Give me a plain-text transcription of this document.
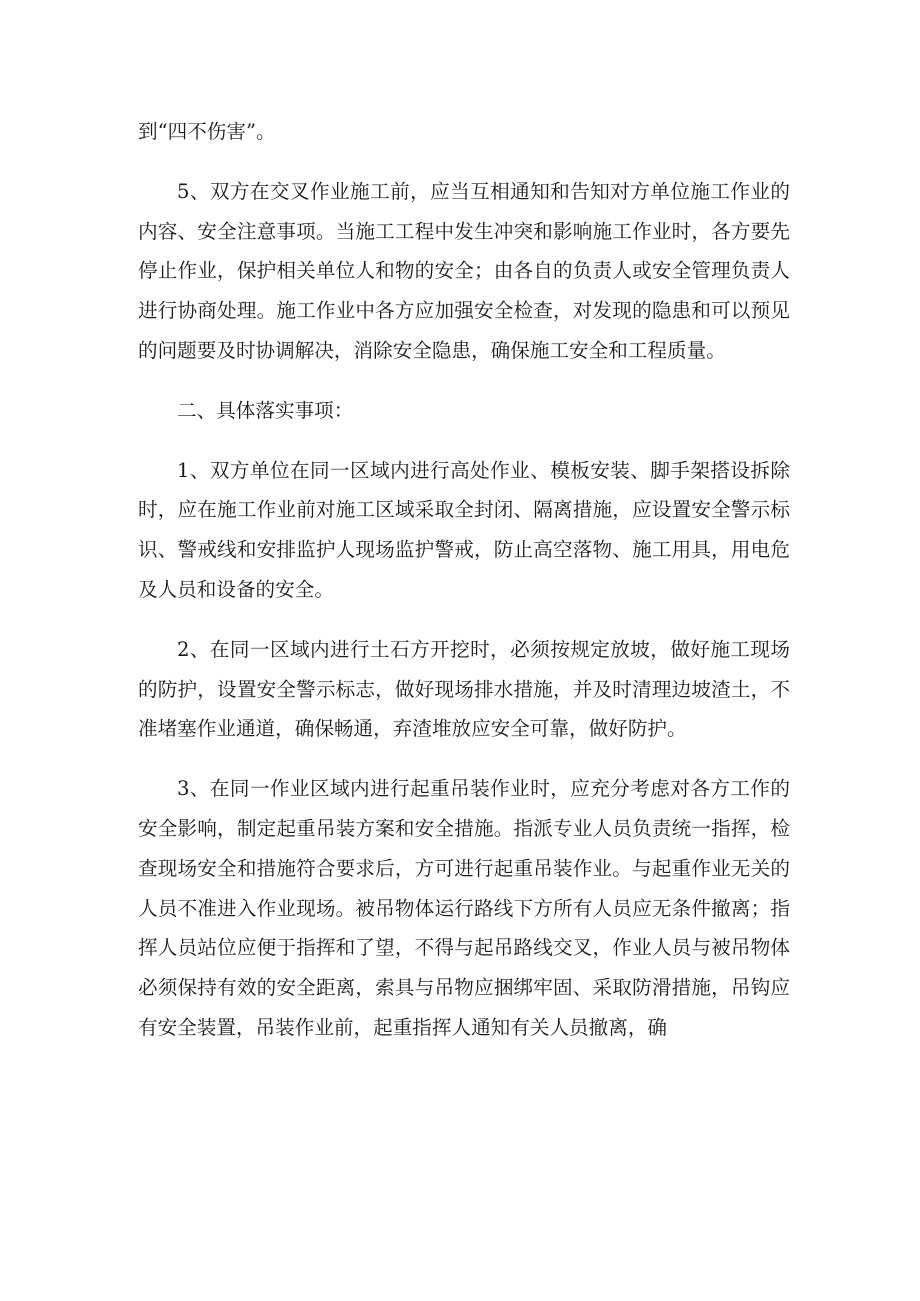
到“四不伤害”。

5、双方在交叉作业施工前，应当互相通知和告知对方单位施工作业的内容、安全注意事项。当施工工程中发生冲突和影响施工作业时，各方要先停止作业，保护相关单位人和物的安全；由各自的负责人或安全管理负责人进行协商处理。施工作业中各方应加强安全检查，对发现的隐患和可以预见的问题要及时协调解决，消除安全隐患，确保施工安全和工程质量。

二、具体落实事项：

1、双方单位在同一区域内进行高处作业、模板安装、脚手架搭设拆除时，应在施工作业前对施工区域采取全封闭、隔离措施，应设置安全警示标识、警戒线和安排监护人现场监护警戒，防止高空落物、施工用具，用电危及人员和设备的安全。

2、在同一区域内进行土石方开挖时，必须按规定放坡，做好施工现场的防护，设置安全警示标志，做好现场排水措施，并及时清理边坡渣土，不准堵塞作业通道，确保畅通，弃渣堆放应安全可靠，做好防护。

3、在同一作业区域内进行起重吊装作业时，应充分考虑对各方工作的安全影响，制定起重吊装方案和安全措施。指派专业人员负责统一指挥，检查现场安全和措施符合要求后，方可进行起重吊装作业。与起重作业无关的人员不准进入作业现场。被吊物体运行路线下方所有人员应无条件撤离；指挥人员站位应便于指挥和了望，不得与起吊路线交叉，作业人员与被吊物体必须保持有效的安全距离，索具与吊物应捆绑牢固、采取防滑措施，吊钩应有安全装置，吊装作业前，起重指挥人通知有关人员撤离，确
